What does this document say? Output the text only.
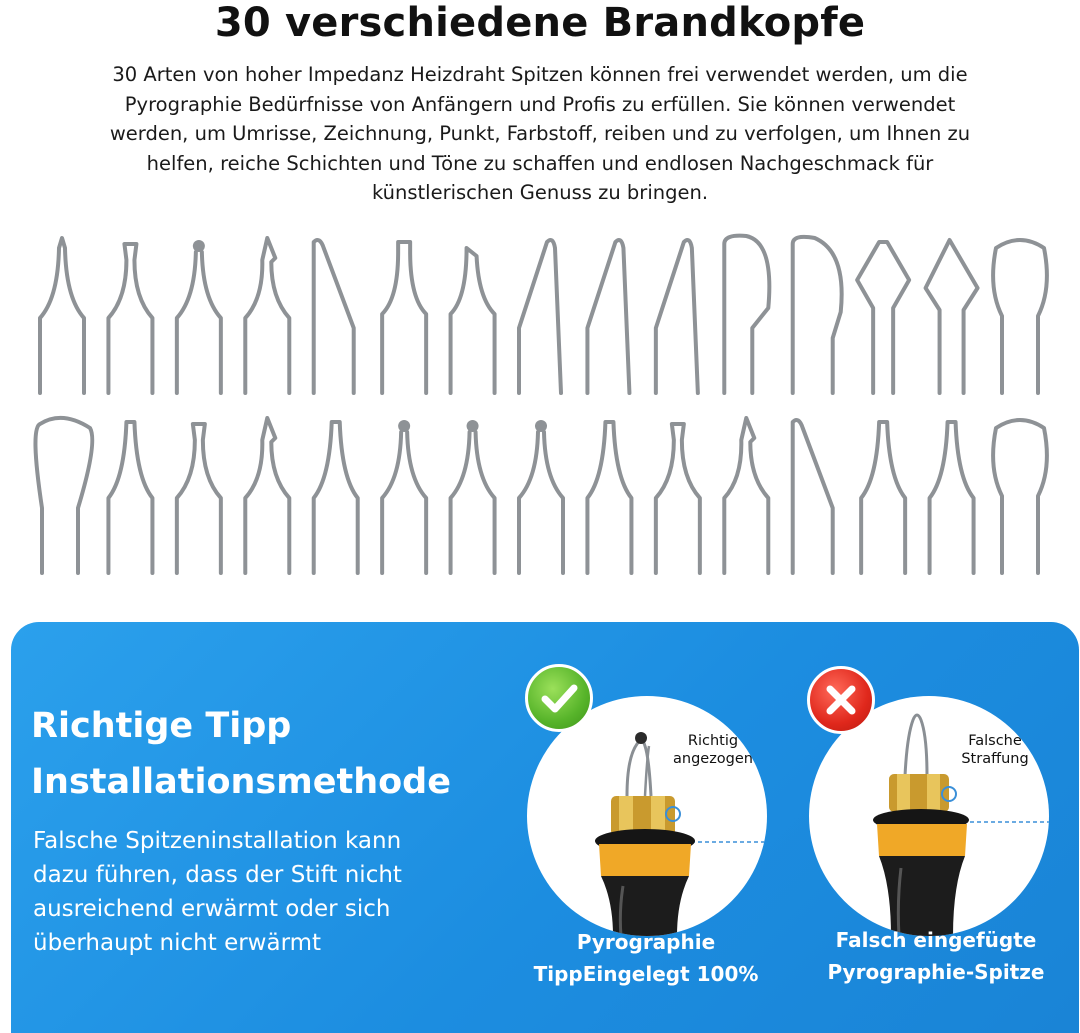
30 verschiedene Brandkopfe
30 Arten von hoher Impedanz Heizdraht Spitzen können frei verwendet werden, um die
Pyrographie Bedürfnisse von Anfängern und Profis zu erfüllen. Sie können verwendet
werden, um Umrisse, Zeichnung, Punkt, Farbstoff, reiben und zu verfolgen, um Ihnen zu
helfen, reiche Schichten und Töne zu schaffen und endlosen Nachgeschmack für
künstlerischen Genuss zu bringen.
Richtige Tipp
Installationsmethode
Falsche Spitzeninstallation kann
dazu führen, dass der Stift nicht
ausreichend erwärmt oder sich
überhaupt nicht erwärmt
Richtig
angezogen
Pyrographie
TippEingelegt 100%
Falsche
Straffung
Falsch eingefügte
Pyrographie-Spitze
